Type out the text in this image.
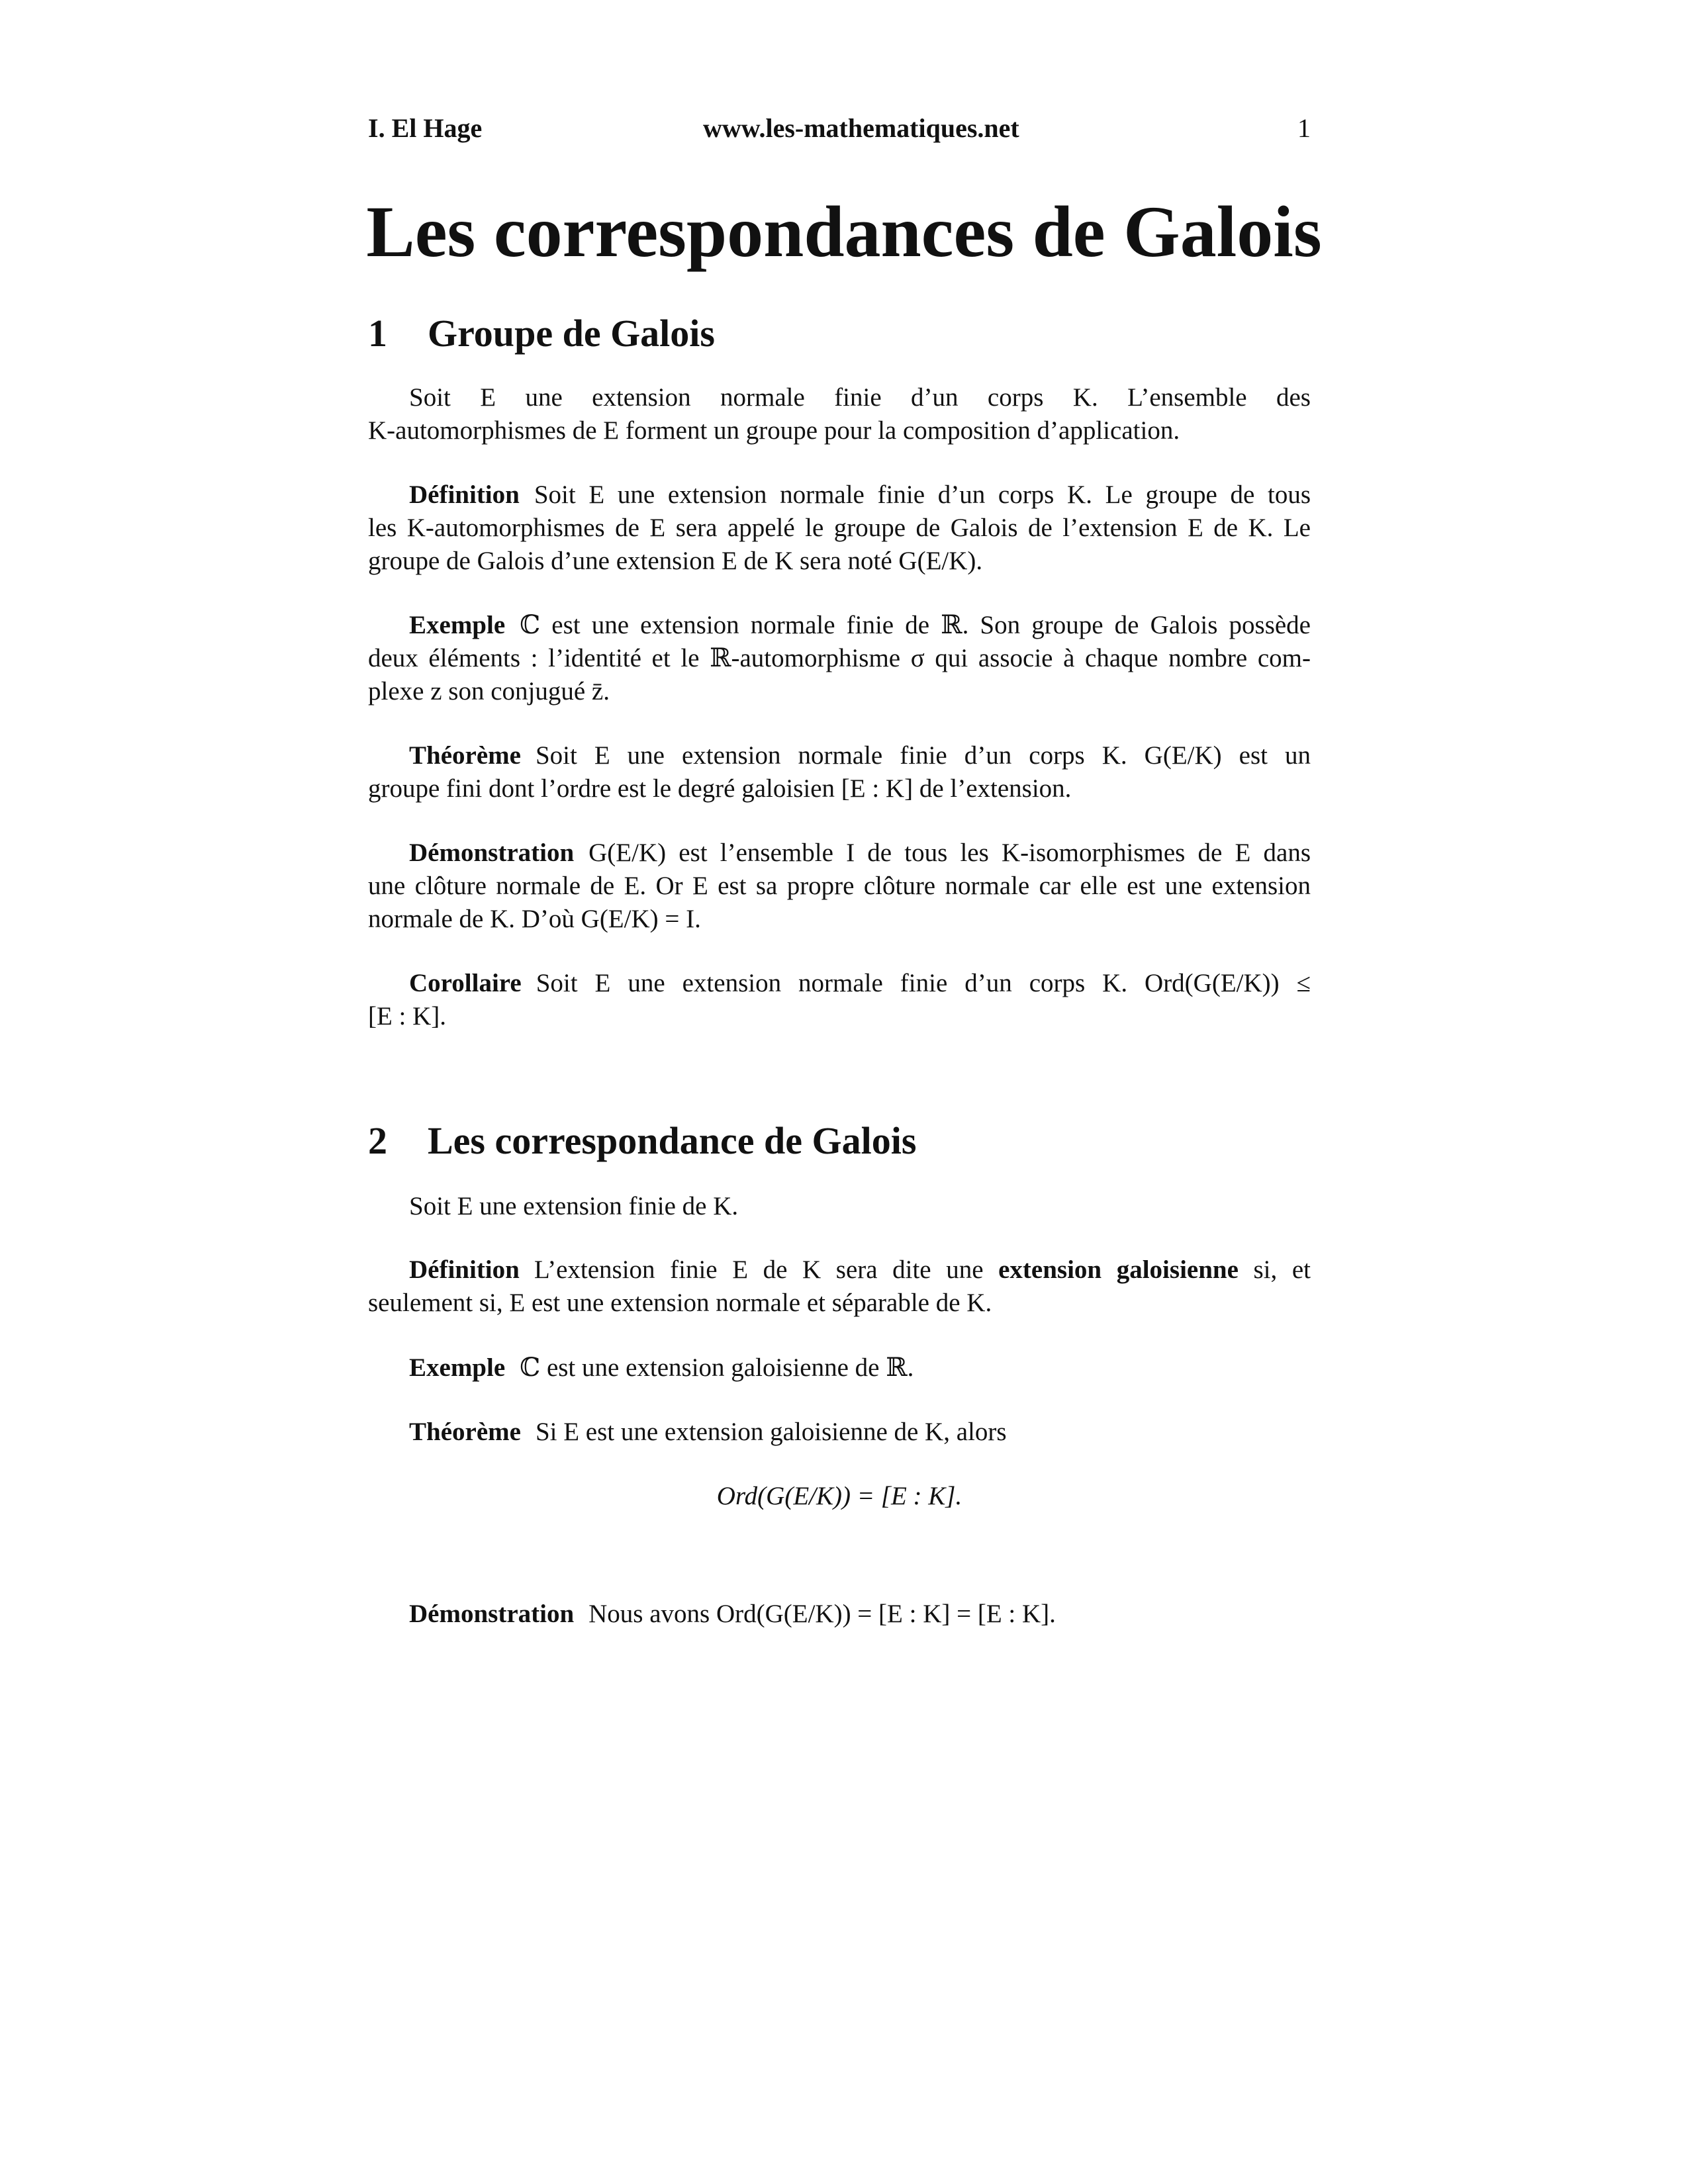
I. El Hage	www.les-mathematiques.net	1
Les correspondances de Galois
1 Groupe de Galois
Soit E une extension normale finie d’un corps K. L’ensemble des
K-automorphismes de E forment un groupe pour la composition d’application.
Définition Soit E une extension normale finie d’un corps K. Le groupe de tous
les K-automorphismes de E sera appelé le groupe de Galois de l’extension E de K. Le
groupe de Galois d’une extension E de K sera noté G(E/K).
Exemple ℂ est une extension normale finie de ℝ. Son groupe de Galois possède
deux éléments : l’identité et le ℝ-automorphisme σ qui associe à chaque nombre com-
plexe z son conjugué z̄.
Théorème Soit E une extension normale finie d’un corps K. G(E/K) est un
groupe fini dont l’ordre est le degré galoisien [E : K] de l’extension.
Démonstration G(E/K) est l’ensemble I de tous les K-isomorphismes de E dans
une clôture normale de E. Or E est sa propre clôture normale car elle est une extension
normale de K. D’où G(E/K) = I.
Corollaire Soit E une extension normale finie d’un corps K. Ord(G(E/K)) ≤
[E : K].
2 Les correspondance de Galois
Soit E une extension finie de K.
Définition L’extension finie E de K sera dite une extension galoisienne si, et
seulement si, E est une extension normale et séparable de K.
Exemple ℂ est une extension galoisienne de ℝ.
Théorème Si E est une extension galoisienne de K, alors
Ord(G(E/K)) = [E : K].
Démonstration Nous avons Ord(G(E/K)) = [E : K] = [E : K].
